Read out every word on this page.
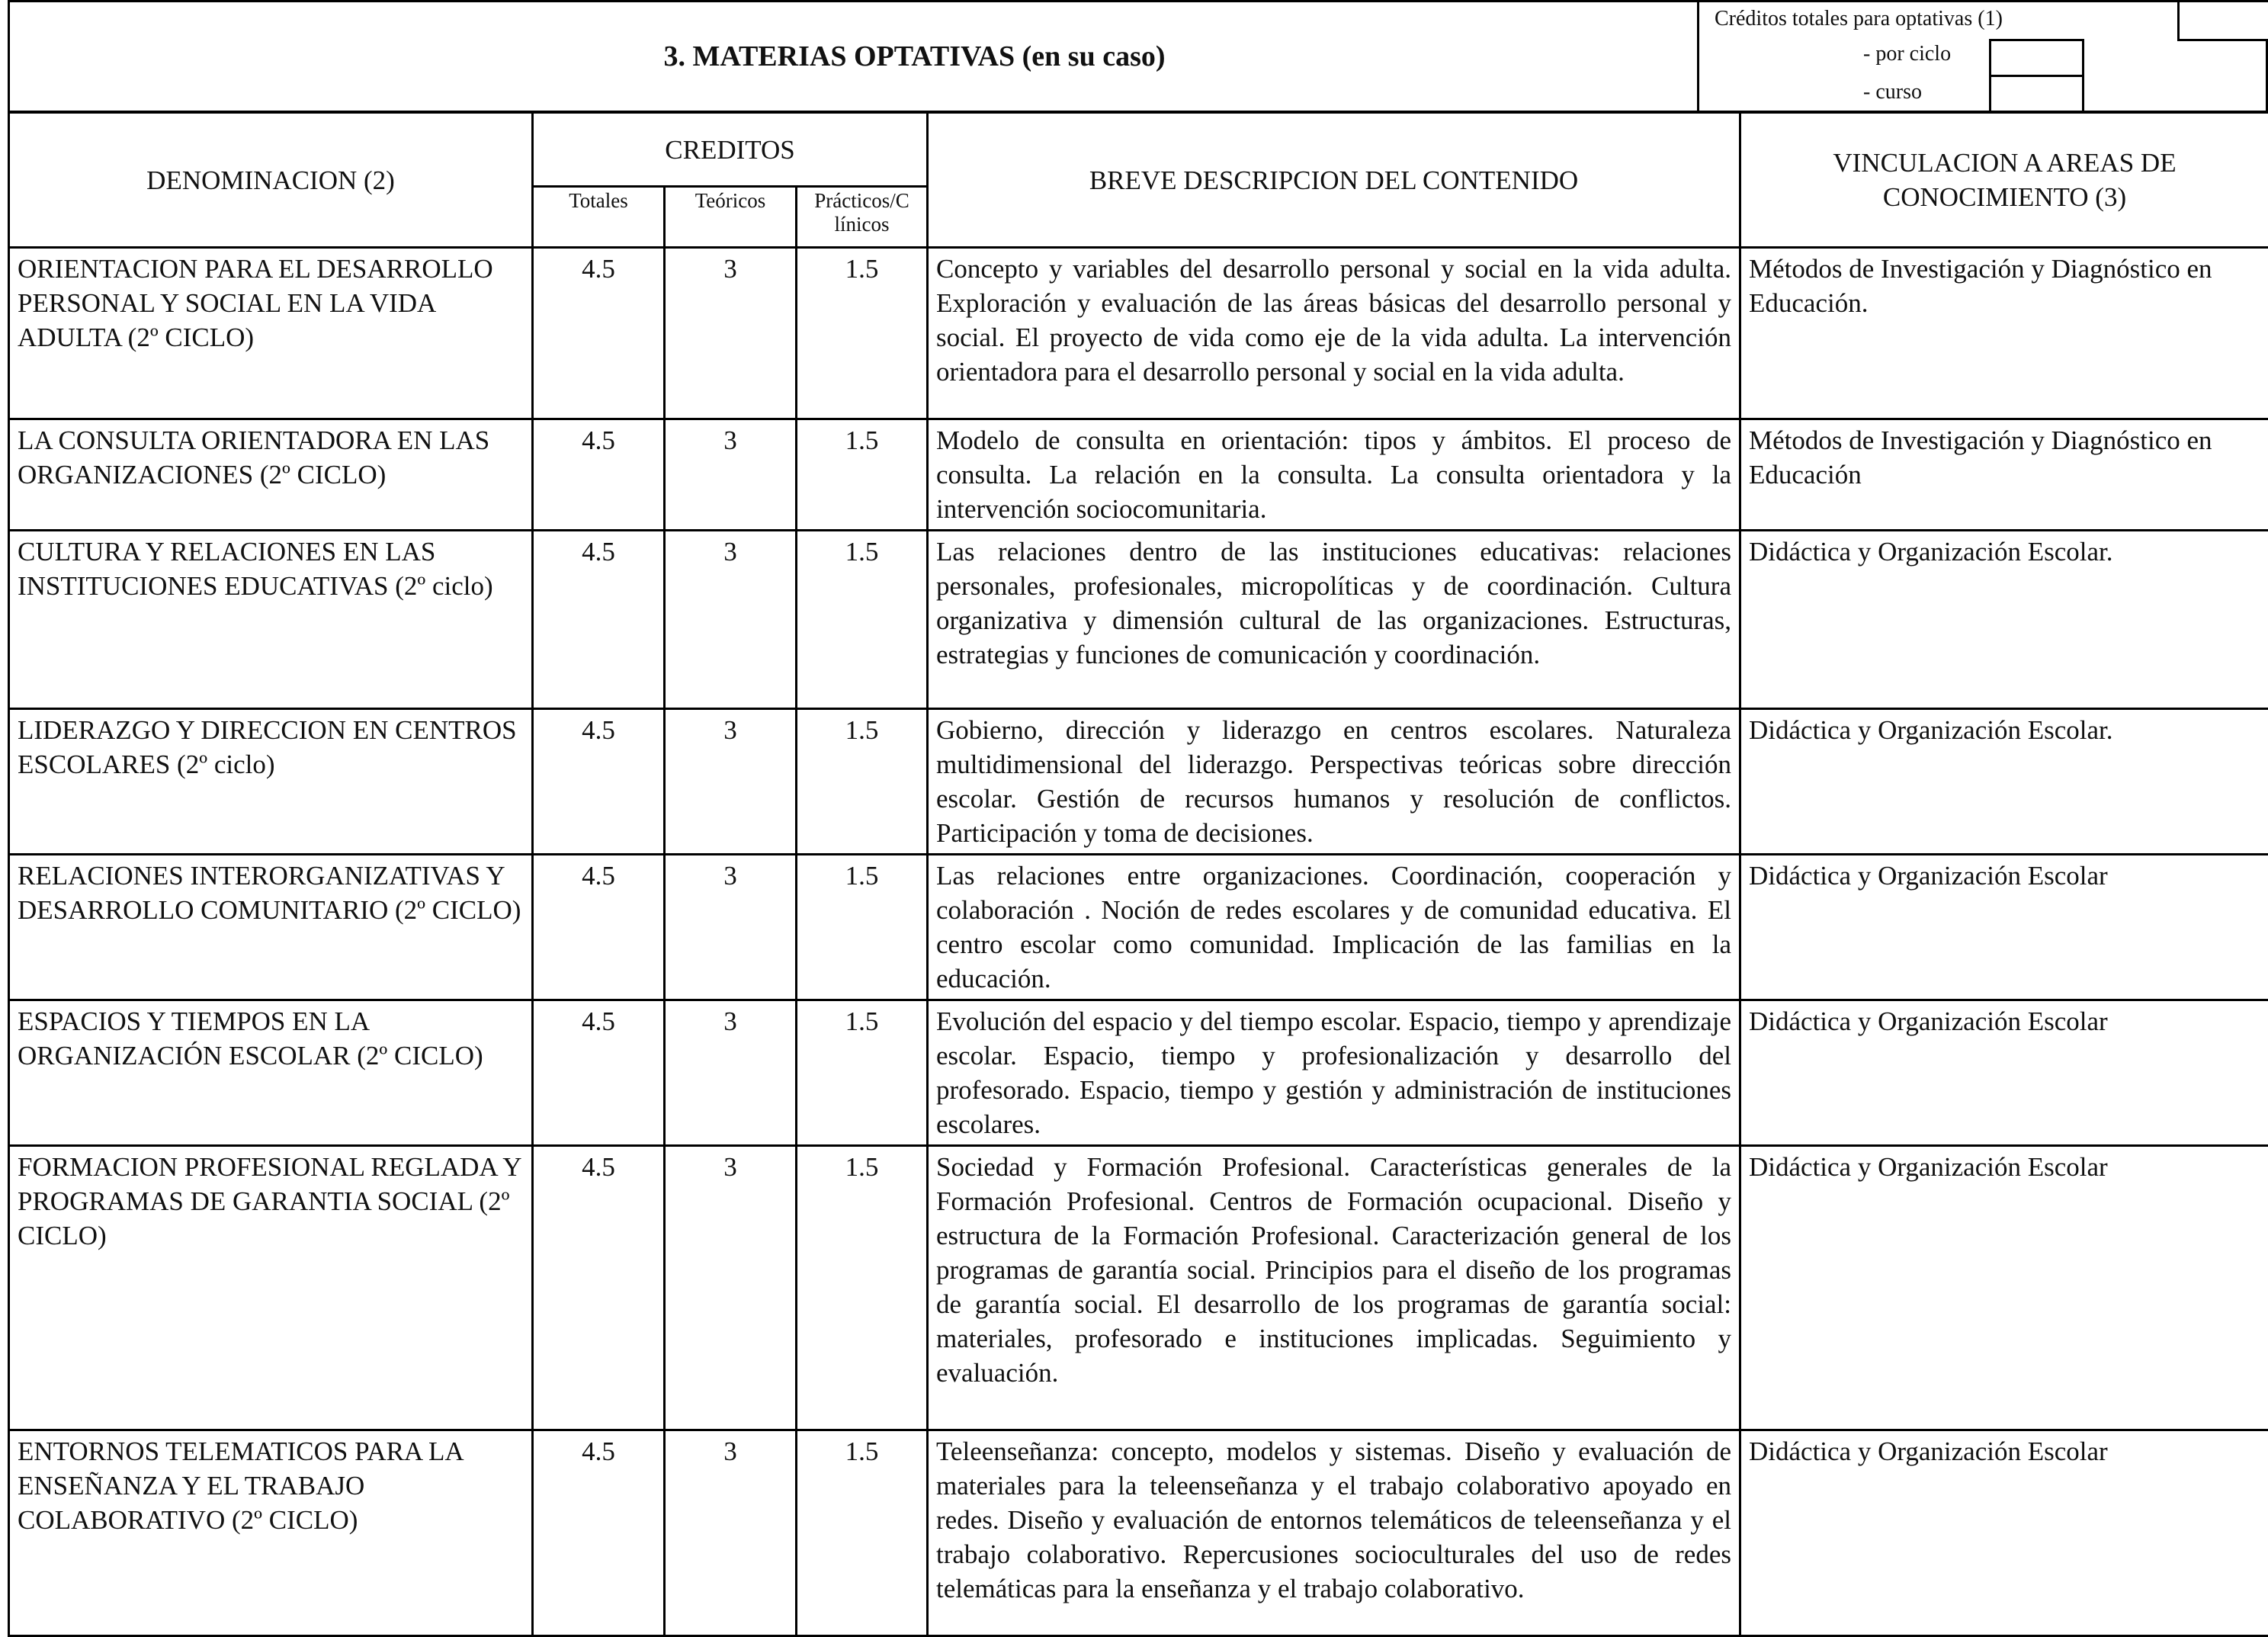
3. MATERIAS OPTATIVAS (en su caso)
Créditos totales para optativas (1)
- por ciclo
- curso
DENOMINACION (2)	CREDITOS			BREVE DESCRIPCION DEL CONTENIDO	VINCULACION A AREAS DE CONOCIMIENTO (3)
	Totales	Teóricos	Prácticos/C línicos		
ORIENTACION PARA EL DESARROLLO PERSONAL Y SOCIAL EN LA VIDA ADULTA (2º CICLO)	4.5	3	1.5	Concepto y variables del desarrollo personal y social en la vida adulta. Exploración y evaluación de las áreas básicas del desarrollo personal y social. El proyecto de vida como eje de la vida adulta. La intervención orientadora para el desarrollo personal y social en la vida adulta.	Métodos de Investigación y Diagnóstico en Educación.
LA CONSULTA ORIENTADORA EN LAS ORGANIZACIONES (2º CICLO)	4.5	3	1.5	Modelo de consulta en orientación: tipos y ámbitos. El proceso de consulta. La relación en la consulta. La consulta orientadora y la intervención sociocomunitaria.	Métodos de Investigación y Diagnóstico en Educación
CULTURA Y RELACIONES EN LAS INSTITUCIONES EDUCATIVAS (2º ciclo)	4.5	3	1.5	Las relaciones dentro de las instituciones educativas: relaciones personales, profesionales, micropolíticas y de coordinación. Cultura organizativa y dimensión cultural de las organizaciones. Estructuras, estrategias y funciones de comunicación y coordinación.	Didáctica y Organización Escolar.
LIDERAZGO Y DIRECCION EN CENTROS ESCOLARES (2º ciclo)	4.5	3	1.5	Gobierno, dirección y liderazgo en centros escolares. Naturaleza multidimensional del liderazgo. Perspectivas teóricas sobre dirección escolar. Gestión de recursos humanos y resolución de conflictos. Participación y toma de decisiones.	Didáctica y Organización Escolar.
RELACIONES INTERORGANIZATIVAS Y DESARROLLO COMUNITARIO (2º CICLO)	4.5	3	1.5	Las relaciones entre organizaciones. Coordinación, cooperación y colaboración . Noción de redes escolares y de comunidad educativa. El centro escolar como comunidad. Implicación de las familias en la educación.	Didáctica y Organización Escolar
ESPACIOS Y TIEMPOS EN LA ORGANIZACIÓN ESCOLAR (2º CICLO)	4.5	3	1.5	Evolución del espacio y del tiempo escolar. Espacio, tiempo y aprendizaje escolar. Espacio, tiempo y profesionalización y desarrollo del profesorado. Espacio, tiempo y gestión y administración de instituciones escolares.	Didáctica y Organización Escolar
FORMACION PROFESIONAL REGLADA Y PROGRAMAS DE GARANTIA SOCIAL (2º CICLO)	4.5	3	1.5	Sociedad y Formación Profesional. Características generales de la Formación Profesional. Centros de Formación ocupacional. Diseño y estructura de la Formación Profesional. Caracterización general de los programas de garantía social. Principios para el diseño de los programas de garantía social. El desarrollo de los programas de garantía social: materiales, profesorado e instituciones implicadas. Seguimiento y evaluación.	Didáctica y Organización Escolar
ENTORNOS TELEMATICOS PARA LA ENSEÑANZA Y EL TRABAJO COLABORATIVO (2º CICLO)	4.5	3	1.5	Teleenseñanza: concepto, modelos y sistemas. Diseño y evaluación de materiales para la teleenseñanza y el trabajo colaborativo apoyado en redes. Diseño y evaluación de entornos telemáticos de teleenseñanza y el trabajo colaborativo. Repercusiones socioculturales del uso de redes telemáticas para la enseñanza y el trabajo colaborativo.	Didáctica y Organización Escolar
